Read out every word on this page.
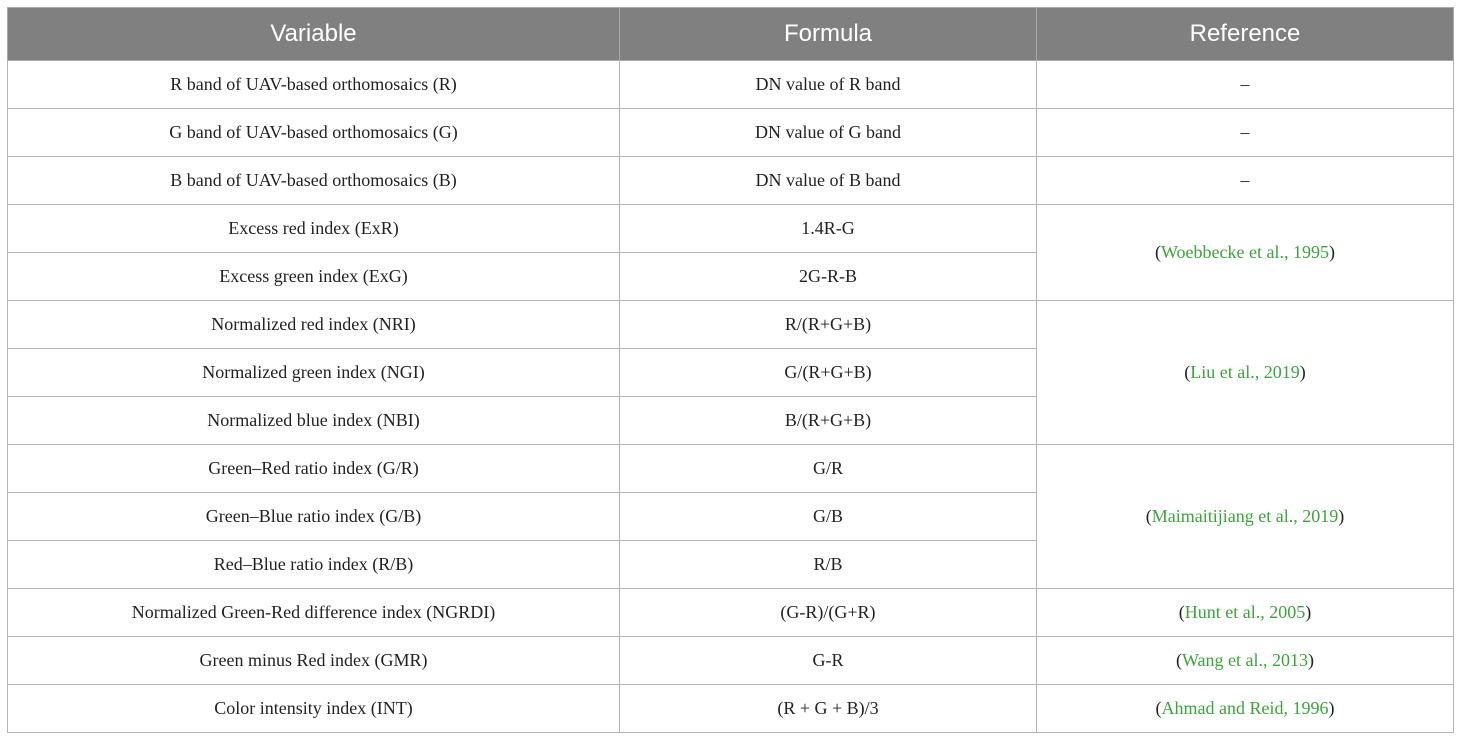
Variable	Formula	Reference
R band of UAV-based orthomosaics (R)	DN value of R band	–
G band of UAV-based orthomosaics (G)	DN value of G band	–
B band of UAV-based orthomosaics (B)	DN value of B band	–
Excess red index (ExR)	1.4R-G	(Woebbecke et al., 1995)
Excess green index (ExG)	2G-R-B	
Normalized red index (NRI)	R/(R+G+B)	(Liu et al., 2019)
Normalized green index (NGI)	G/(R+G+B)	
Normalized blue index (NBI)	B/(R+G+B)	
Green–Red ratio index (G/R)	G/R	(Maimaitijiang et al., 2019)
Green–Blue ratio index (G/B)	G/B	
Red–Blue ratio index (R/B)	R/B	
Normalized Green-Red difference index (NGRDI)	(G-R)/(G+R)	(Hunt et al., 2005)
Green minus Red index (GMR)	G-R	(Wang et al., 2013)
Color intensity index (INT)	(R + G + B)/3	(Ahmad and Reid, 1996)
